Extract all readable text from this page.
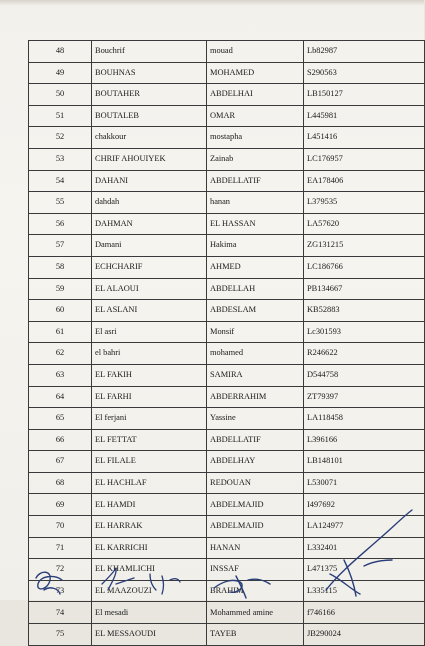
48	Bouchrif	mouad	Lb82987
49	BOUHNAS	MOHAMED	S290563
50	BOUTAHER	ABDELHAI	LB150127
51	BOUTALEB	OMAR	L445981
52	chakkour	mostapha	L451416
53	CHRIF AHOUIYEK	Zainab	LC176957
54	DAHANI	ABDELLATIF	EA178406
55	dahdah	hanan	L379535
56	DAHMAN	EL HASSAN	LA57620
57	Damani	Hakima	ZG131215
58	ECHCHARIF	AHMED	LC186766
59	EL ALAOUI	ABDELLAH	PB134667
60	EL ASLANI	ABDESLAM	KB52883
61	El asri	Monsif	Lc301593
62	el bahri	mohamed	R246622
63	EL FAKIH	SAMIRA	D544758
64	EL FARHI	ABDERRAHIM	ZT79397
65	El ferjani	Yassine	LA118458
66	EL FETTAT	ABDELLATIF	L396166
67	EL FILALE	ABDELHAY	LB148101
68	EL HACHLAF	REDOUAN	L530071
69	EL HAMDI	ABDELMAJID	I497692
70	EL HARRAK	ABDELMAJID	LA124977
71	EL KARRICHI	HANAN	L332401
72	EL KHAMLICHI	INSSAF	L471375
73	EL MAAZOUZI	BRAHIM	L335115
74	El mesadi	Mohammed amine	f746166
75	EL MESSAOUDI	TAYEB	JB290024
